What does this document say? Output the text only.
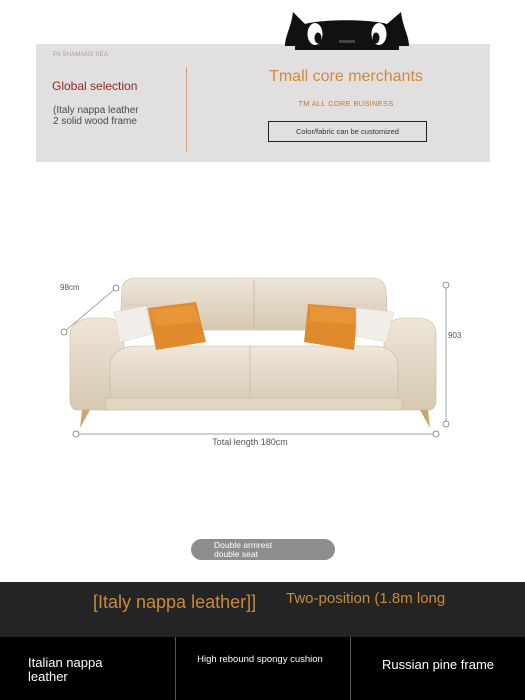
PA SHAMANS SEA
Global selection
(Italy nappa leather
2 solid wood frame
Tmall core merchants
TM ALL CORE BUSINESS
Color/fabric can be customized
98cm
903
Total length 180cm
Double armrest
double seat
[Italy nappa leather]]	Two-position (1.8m long
Italian nappa leather
High rebound spongy cushion	Russian pine frame
